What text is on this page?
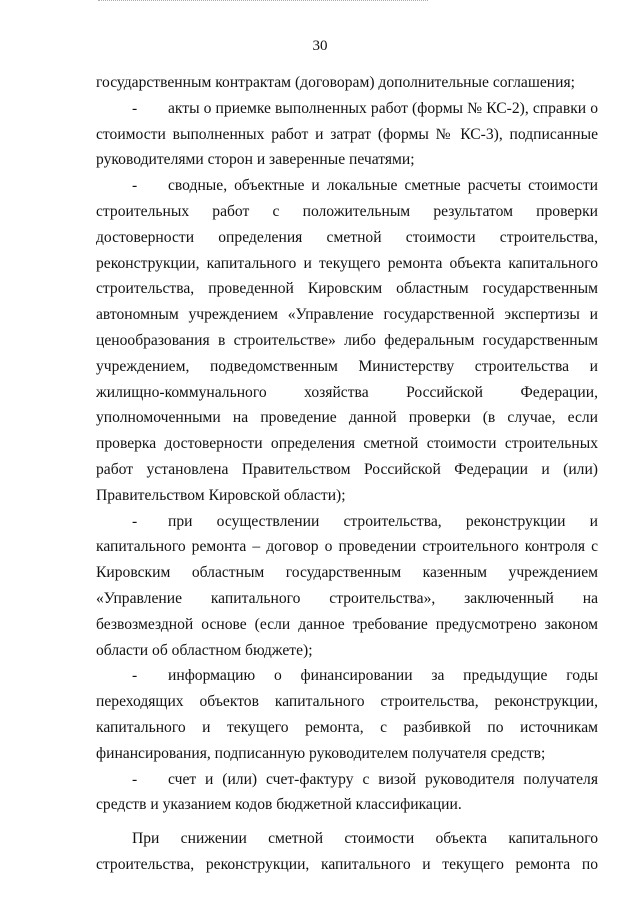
30

государственным контрактам (договорам) дополнительные соглашения;

- акты о приемке выполненных работ (формы № КС-2), справки о стоимости выполненных работ и затрат (формы № КС-3), подписанные руководителями сторон и заверенные печатями;

- сводные, объектные и локальные сметные расчеты стоимости строительных работ с положительным результатом проверки достоверности определения сметной стоимости строительства, реконструкции, капитального и текущего ремонта объекта капитального строительства, проведенной Кировским областным государственным автономным учреждением «Управление государственной экспертизы и ценообразования в строительстве» либо федеральным государственным учреждением, подведомственным Министерству строительства и жилищно-коммунального хозяйства Российской Федерации, уполномоченными на проведение данной проверки (в случае, если проверка достоверности определения сметной стоимости строительных работ установлена Правительством Российской Федерации и (или) Правительством Кировской области);

- при осуществлении строительства, реконструкции и капитального ремонта – договор о проведении строительного контроля с Кировским областным государственным казенным учреждением «Управление капитального строительства», заключенный на безвозмездной основе (если данное требование предусмотрено законом области об областном бюджете);

- информацию о финансировании за предыдущие годы переходящих объектов капитального строительства, реконструкции, капитального и текущего ремонта, с разбивкой по источникам финансирования, подписанную руководителем получателя средств;

- счет и (или) счет-фактуру с визой руководителя получателя средств и указанием кодов бюджетной классификации.

При снижении сметной стоимости объекта капитального строительства, реконструкции, капитального и текущего ремонта по
